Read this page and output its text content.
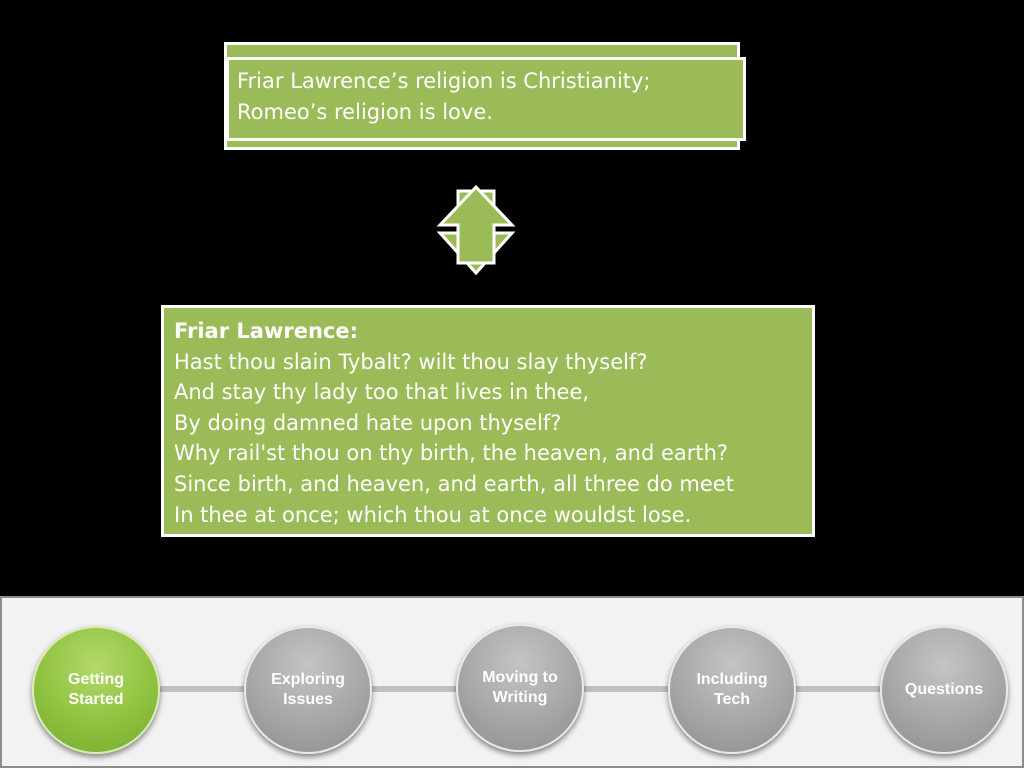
Friar Lawrence’s religion is Christianity;
Romeo’s religion is love.
Friar Lawrence:
Hast thou slain Tybalt? wilt thou slay thyself?
And stay thy lady too that lives in thee,
By doing damned hate upon thyself?
Why rail'st thou on thy birth, the heaven, and earth?
Since birth, and heaven, and earth, all three do meet
In thee at once; which thou at once wouldst lose.
Getting Started
Exploring Issues
Moving to Writing
Including Tech
Questions
